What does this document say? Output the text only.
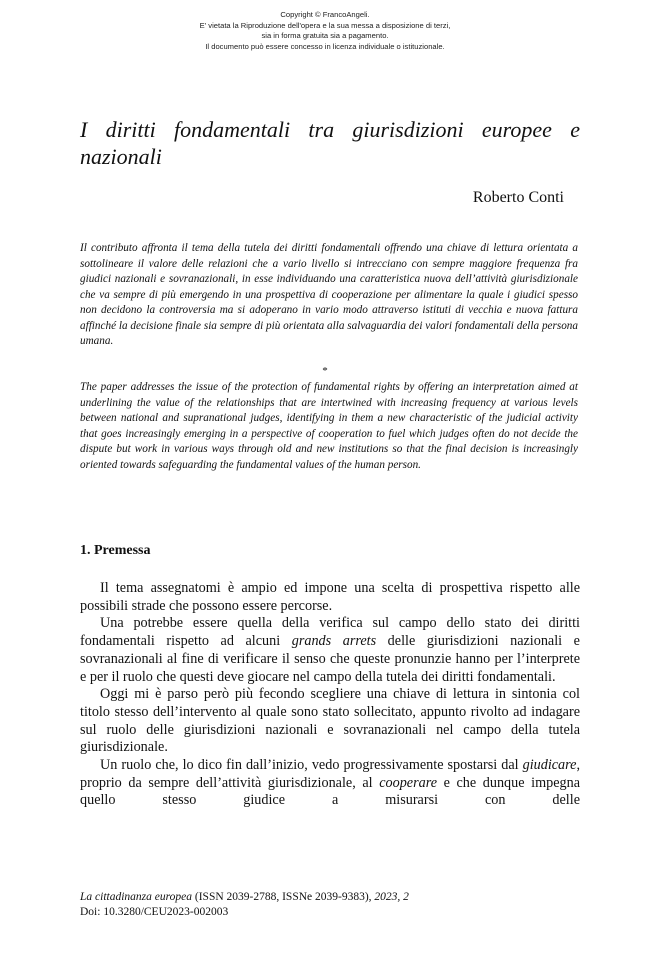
Copyright © FrancoAngeli.
E' vietata la Riproduzione dell'opera e la sua messa a disposizione di terzi,
sia in forma gratuita sia a pagamento.
Il documento può essere concesso in licenza individuale o istituzionale.
I diritti fondamentali tra giurisdizioni europee e nazionali
Roberto Conti
Il contributo affronta il tema della tutela dei diritti fondamentali offrendo una chiave di lettura orientata a sottolineare il valore delle relazioni che a vario livello si intrecciano con sempre maggiore frequenza fra giudici nazionali e sovranazionali, in esse individuando una caratteristica nuova dell’attività giurisdizionale che va sempre di più emergendo in una prospettiva di cooperazione per alimentare la quale i giudici spesso non decidono la controversia ma si adoperano in vario modo attraverso istituti di vecchia e nuova fattura affinché la decisione finale sia sempre di più orientata alla salvaguardia dei valori fondamentali della persona umana.
*
The paper addresses the issue of the protection of fundamental rights by offering an interpretation aimed at underlining the value of the relationships that are intertwined with increasing frequency at various levels between national and supranational judges, identifying in them a new characteristic of the judicial activity that goes increasingly emerging in a perspective of cooperation to fuel which judges often do not decide the dispute but work in various ways through old and new institutions so that the final decision is increasingly oriented towards safeguarding the fundamental values of the human person.
1. Premessa

Il tema assegnatomi è ampio ed impone una scelta di prospettiva rispetto alle possibili strade che possono essere percorse.

Una potrebbe essere quella della verifica sul campo dello stato dei diritti fondamentali rispetto ad alcuni grands arrets delle giurisdizioni nazionali e sovranazionali al fine di verificare il senso che queste pronunzie hanno per l’interprete e per il ruolo che questi deve giocare nel campo della tutela dei diritti fondamentali.

Oggi mi è parso però più fecondo scegliere una chiave di lettura in sintonia col titolo stesso dell’intervento al quale sono stato sollecitato, appunto rivolto ad indagare sul ruolo delle giurisdizioni nazionali e sovranazionali nel campo della tutela giurisdizionale.

Un ruolo che, lo dico fin dall’inizio, vedo progressivamente spostarsi dal giudicare, proprio da sempre dell’attività giurisdizionale, al cooperare e che dunque impegna quello stesso giudice a misurarsi con delle

La cittadinanza europea (ISSN 2039-2788, ISSNe 2039-9383), 2023, 2
Doi: 10.3280/CEU2023-002003
